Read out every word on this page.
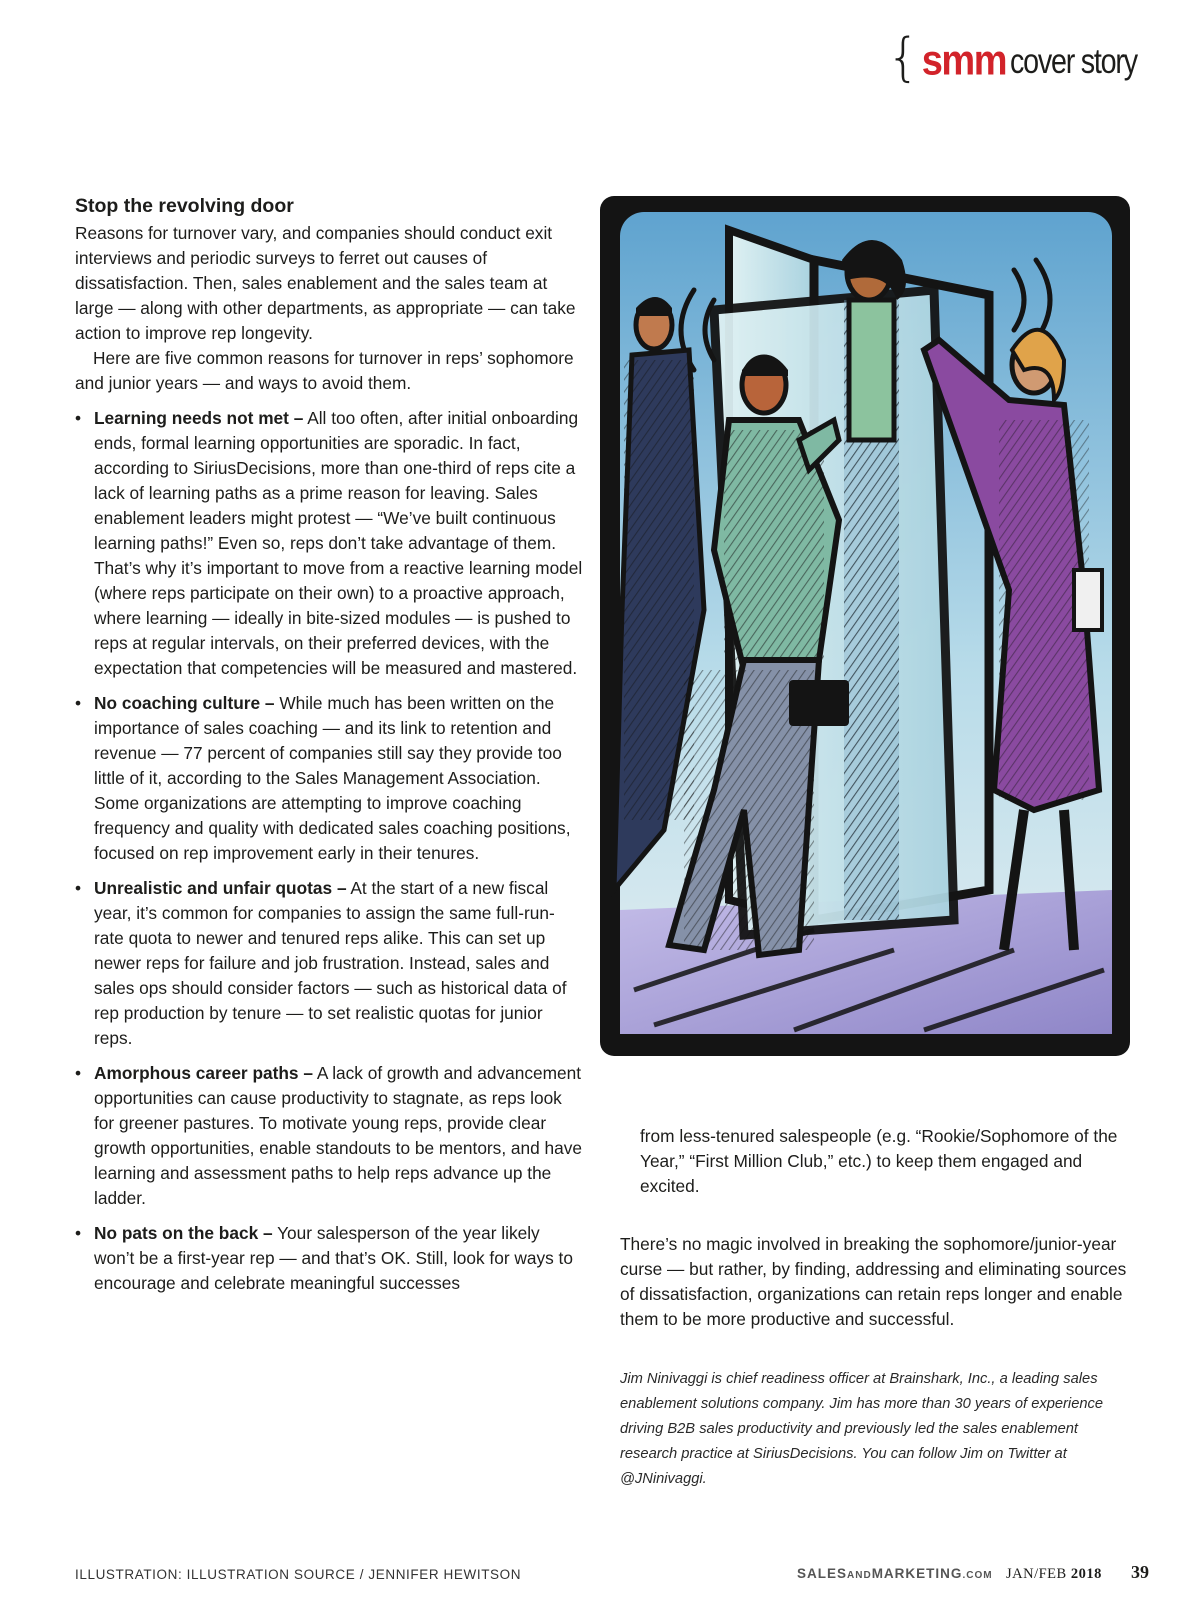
{ smm cover story
Stop the revolving door

Reasons for turnover vary, and companies should conduct exit interviews and periodic surveys to ferret out causes of dissatisfaction. Then, sales enablement and the sales team at large — along with other departments, as appropriate — can take action to improve rep longevity.

Here are five common reasons for turnover in reps’ sophomore and junior years — and ways to avoid them.

• Learning needs not met – All too often, after initial onboarding ends, formal learning opportunities are sporadic. In fact, according to SiriusDecisions, more than one-third of reps cite a lack of learning paths as a prime reason for leaving. Sales enablement leaders might protest — “We’ve built continuous learning paths!” Even so, reps don’t take advantage of them. That’s why it’s important to move from a reactive learning model (where reps participate on their own) to a proactive approach, where learning — ideally in bite-sized modules — is pushed to reps at regular intervals, on their preferred devices, with the expectation that competencies will be measured and mastered.
• No coaching culture – While much has been written on the importance of sales coaching — and its link to retention and revenue — 77 percent of companies still say they provide too little of it, according to the Sales Management Association. Some organizations are attempting to improve coaching frequency and quality with dedicated sales coaching positions, focused on rep improvement early in their tenures.
• Unrealistic and unfair quotas – At the start of a new fiscal year, it’s common for companies to assign the same full-run-rate quota to newer and tenured reps alike. This can set up newer reps for failure and job frustration. Instead, sales and sales ops should consider factors — such as historical data of rep production by tenure — to set realistic quotas for junior reps.
• Amorphous career paths – A lack of growth and advancement opportunities can cause productivity to stagnate, as reps look for greener pastures. To motivate young reps, provide clear growth opportunities, enable standouts to be mentors, and have learning and assessment paths to help reps advance up the ladder.
• No pats on the back – Your salesperson of the year likely won’t be a first-year rep — and that’s OK. Still, look for ways to encourage and celebrate meaningful successes

from less-tenured salespeople (e.g. “Rookie/Sophomore of the Year,” “First Million Club,” etc.) to keep them engaged and excited.

There’s no magic involved in breaking the sophomore/junior-year curse — but rather, by finding, addressing and eliminating sources of dissatisfaction, organizations can retain reps longer and enable them to be more productive and successful.

Jim Ninivaggi is chief readiness officer at Brainshark, Inc., a leading sales enablement solutions company. Jim has more than 30 years of experience driving B2B sales productivity and previously led the sales enablement research practice at SiriusDecisions. You can follow Jim on Twitter at @JNinivaggi.

ILLUSTRATION: ILLUSTRATION SOURCE / JENNIFER HEWITSON	SALESANDMARKETING.COM JAN/FEB 2018 39
